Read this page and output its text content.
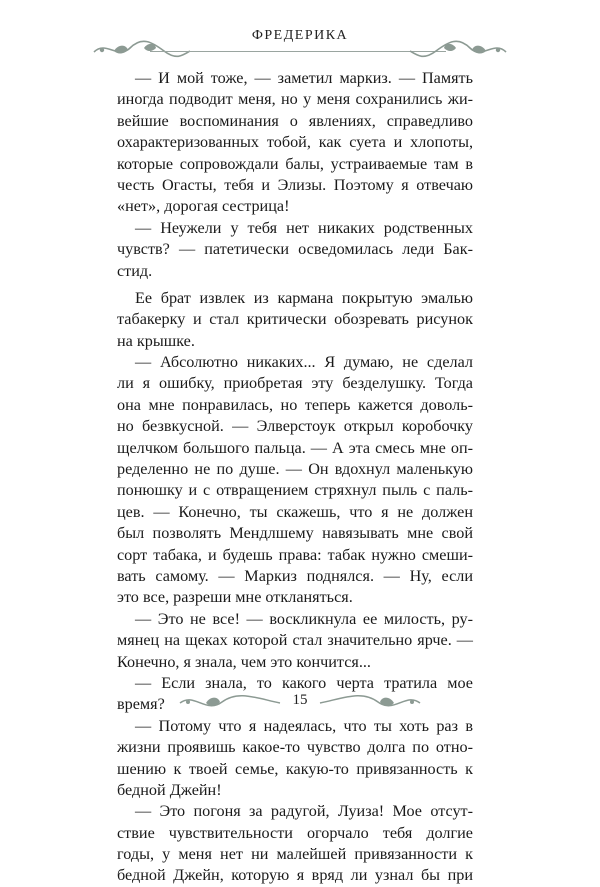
ФРЕДЕРИКА
— И мой тоже, — заметил маркиз. — Память
иногда подводит меня, но у меня сохранились жи-
вейшие воспоминания о явлениях, справедливо
охарактеризованных тобой, как суета и хлопоты,
которые сопровождали балы, устраиваемые там в
честь Огасты, тебя и Элизы. Поэтому я отвечаю
«нет», дорогая сестрица!
— Неужели у тебя нет никаких родственных
чувств? — патетически осведомилась леди Бак-
стид.
Ее брат извлек из кармана покрытую эмалью
табакерку и стал критически обозревать рисунок
на крышке.
— Абсолютно никаких... Я думаю, не сделал
ли я ошибку, приобретая эту безделушку. Тогда
она мне понравилась, но теперь кажется доволь-
но безвкусной. — Элверстоук открыл коробочку
щелчком большого пальца. — А эта смесь мне оп-
ределенно не по душе. — Он вдохнул маленькую
понюшку и с отвращением стряхнул пыль с паль-
цев. — Конечно, ты скажешь, что я не должен
был позволять Мендлшему навязывать мне свой
сорт табака, и будешь права: табак нужно смеши-
вать самому. — Маркиз поднялся. — Ну, если
это все, разреши мне откланяться.
— Это не все! — воскликнула ее милость, ру-
мянец на щеках которой стал значительно ярче. —
Конечно, я знала, чем это кончится...
— Если знала, то какого черта тратила мое
время?
— Потому что я надеялась, что ты хоть раз в
жизни проявишь какое-то чувство долга по отно-
шению к твоей семье, какую-то привязанность к
бедной Джейн!
— Это погоня за радугой, Луиза! Мое отсут-
ствие чувствительности огорчало тебя долгие
годы, у меня нет ни малейшей привязанности к
бедной Джейн, которую я вряд ли узнал бы при
15
